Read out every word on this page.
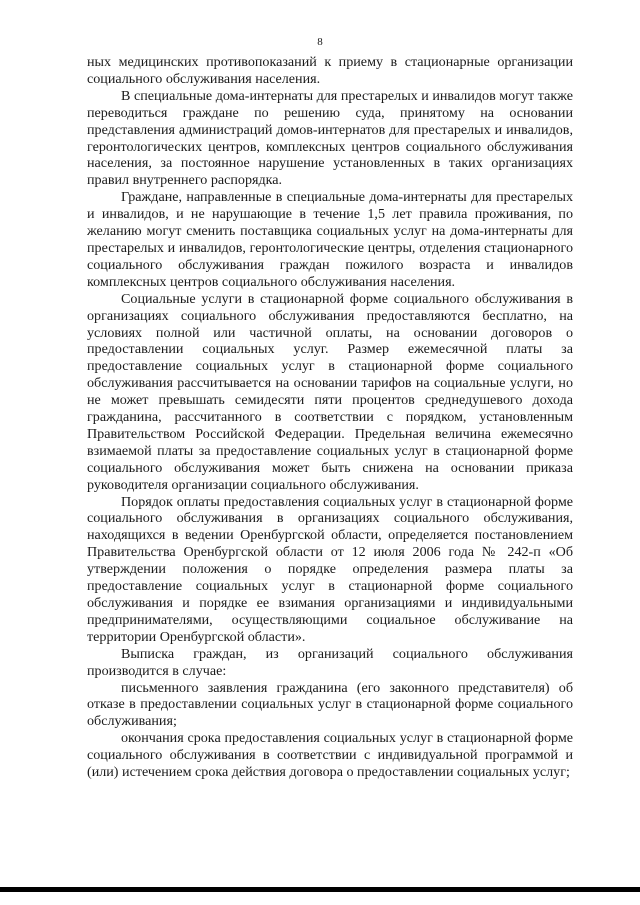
8

ных медицинских противопоказаний к приему в стационарные организации социального обслуживания населения.

В специальные дома-интернаты для престарелых и инвалидов могут также переводиться граждане по решению суда, принятому на основании представления администраций домов-интернатов для престарелых и инвалидов, геронтологических центров, комплексных центров социального обслуживания населения, за постоянное нарушение установленных в таких организациях правил внутреннего распорядка.

Граждане, направленные в специальные дома-интернаты для престарелых и инвалидов, и не нарушающие в течение 1,5 лет правила проживания, по желанию могут сменить поставщика социальных услуг на дома-интернаты для престарелых и инвалидов, геронтологические центры, отделения стационарного социального обслуживания граждан пожилого возраста и инвалидов комплексных центров социального обслуживания населения.

Социальные услуги в стационарной форме социального обслуживания в организациях социального обслуживания предоставляются бесплатно, на условиях полной или частичной оплаты, на основании договоров о предоставлении социальных услуг. Размер ежемесячной платы за предоставление социальных услуг в стационарной форме социального обслуживания рассчитывается на основании тарифов на социальные услуги, но не может превышать семидесяти пяти процентов среднедушевого дохода гражданина, рассчитанного в соответствии с порядком, установленным Правительством Российской Федерации. Предельная величина ежемесячно взимаемой платы за предоставление социальных услуг в стационарной форме социального обслуживания может быть снижена на основании приказа руководителя организации социального обслуживания.

Порядок оплаты предоставления социальных услуг в стационарной форме социального обслуживания в организациях социального обслуживания, находящихся в ведении Оренбургской области, определяется постановлением Правительства Оренбургской области от 12 июля 2006 года № 242-п «Об утверждении положения о порядке определения размера платы за предоставление социальных услуг в стационарной форме социального обслуживания и порядке ее взимания организациями и индивидуальными предпринимателями, осуществляющими социальное обслуживание на территории Оренбургской области».

Выписка граждан, из организаций социального обслуживания производится в случае:

письменного заявления гражданина (его законного представителя) об отказе в предоставлении социальных услуг в стационарной форме социального обслуживания;

окончания срока предоставления социальных услуг в стационарной форме социального обслуживания в соответствии с индивидуальной программой и (или) истечением срока действия договора о предоставлении социальных услуг;
